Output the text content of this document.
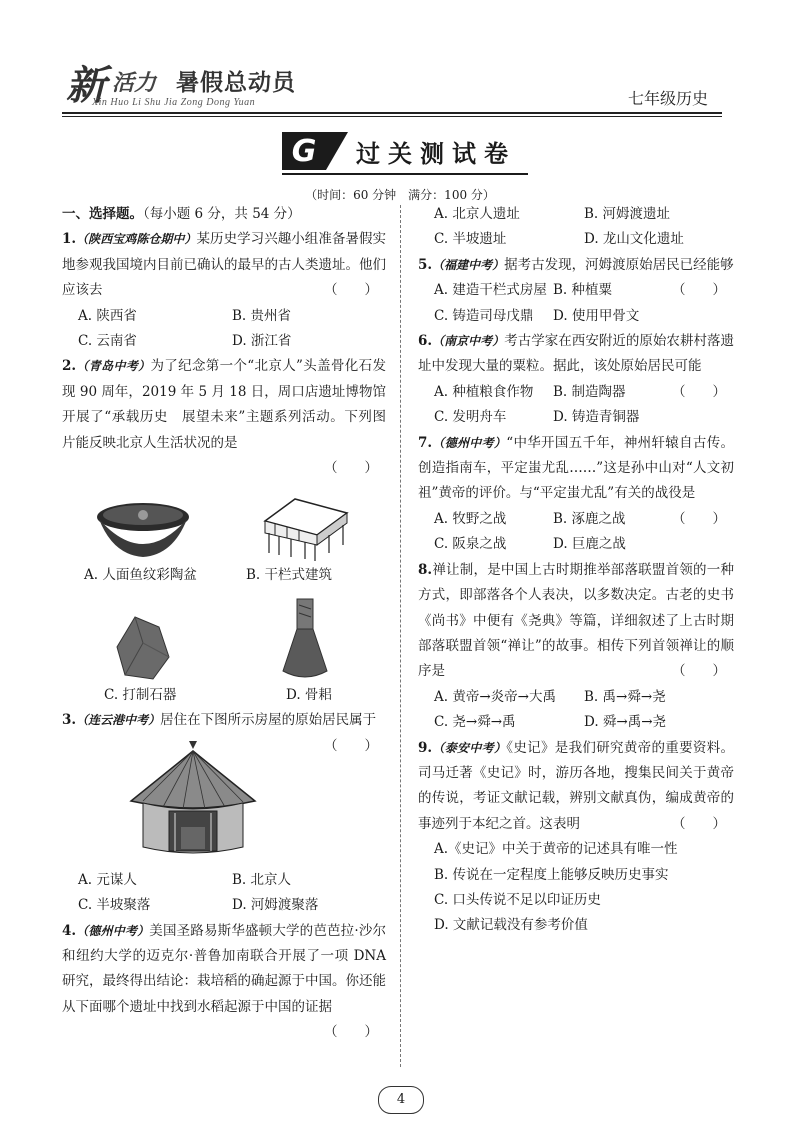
新 活力 暑假总动员
Xin Huo Li Shu Jia Zong Dong Yuan	七年级历史
G	过关测试卷
（时间：60 分钟　满分：100 分）

一、选择题。（每小题 6 分，共 54 分）

1.（陕西宝鸡陈仓期中）某历史学习兴趣小组准备暑假实地参观我国境内目前已确认的最早的古人类遗址。他们应该去	（　　）

A. 陕西省	B. 贵州省
C. 云南省	D. 浙江省

2.（青岛中考）为了纪念第一个“北京人”头盖骨化石发现 90 周年，2019 年 5 月 18 日，周口店遗址博物馆开展了“承载历史　展望未来”主题系列活动。下列图片能反映北京人生活状况的是

（　　）

A. 人面鱼纹彩陶盆	B. 干栏式建筑
C. 打制石器	D. 骨耜

3.（连云港中考）居住在下图所示房屋的原始居民属于
（　　）

A. 元谋人	B. 北京人
C. 半坡聚落	D. 河姆渡聚落

4.（德州中考）美国圣路易斯华盛顿大学的芭芭拉·沙尔和纽约大学的迈克尔·普鲁加南联合开展了一项 DNA 研究，最终得出结论：栽培稻的确起源于中国。你还能从下面哪个遗址中找到水稻起源于中国的证据
（　　）

A. 北京人遗址	B. 河姆渡遗址
C. 半坡遗址	D. 龙山文化遗址

5.（福建中考）据考古发现，河姆渡原始居民已经能够
（　　）

A. 建造干栏式房屋 B. 种植粟
C. 铸造司母戊鼎	D. 使用甲骨文

6.（南京中考）考古学家在西安附近的原始农耕村落遗址中发现大量的粟粒。据此，该处原始居民可能
（　　）

A. 种植粮食作物	B. 制造陶器
C. 发明舟车	D. 铸造青铜器

7.（德州中考）“中华开国五千年，神州轩辕自古传。创造指南车，平定蚩尤乱……”这是孙中山对“人文初祖”黄帝的评价。与“平定蚩尤乱”有关的战役是
（　　）

A. 牧野之战	B. 涿鹿之战
C. 阪泉之战	D. 巨鹿之战

8.禅让制，是中国上古时期推举部落联盟首领的一种方式，即部落各个人表决，以多数决定。古老的史书《尚书》中便有《尧典》等篇，详细叙述了上古时期部落联盟首领“禅让”的故事。相传下列首领禅让的顺序是	（　　）

A. 黄帝→炎帝→大禹	B. 禹→舜→尧
C. 尧→舜→禹	D. 舜→禹→尧

9.（泰安中考）《史记》是我们研究黄帝的重要资料。司马迁著《史记》时，游历各地，搜集民间关于黄帝的传说，考证文献记载，辨别文献真伪，编成黄帝的事迹列于本纪之首。这表明	（　　）

A.《史记》中关于黄帝的记述具有唯一性
B. 传说在一定程度上能够反映历史事实
C. 口头传说不足以印证历史
D. 文献记载没有参考价值
4
